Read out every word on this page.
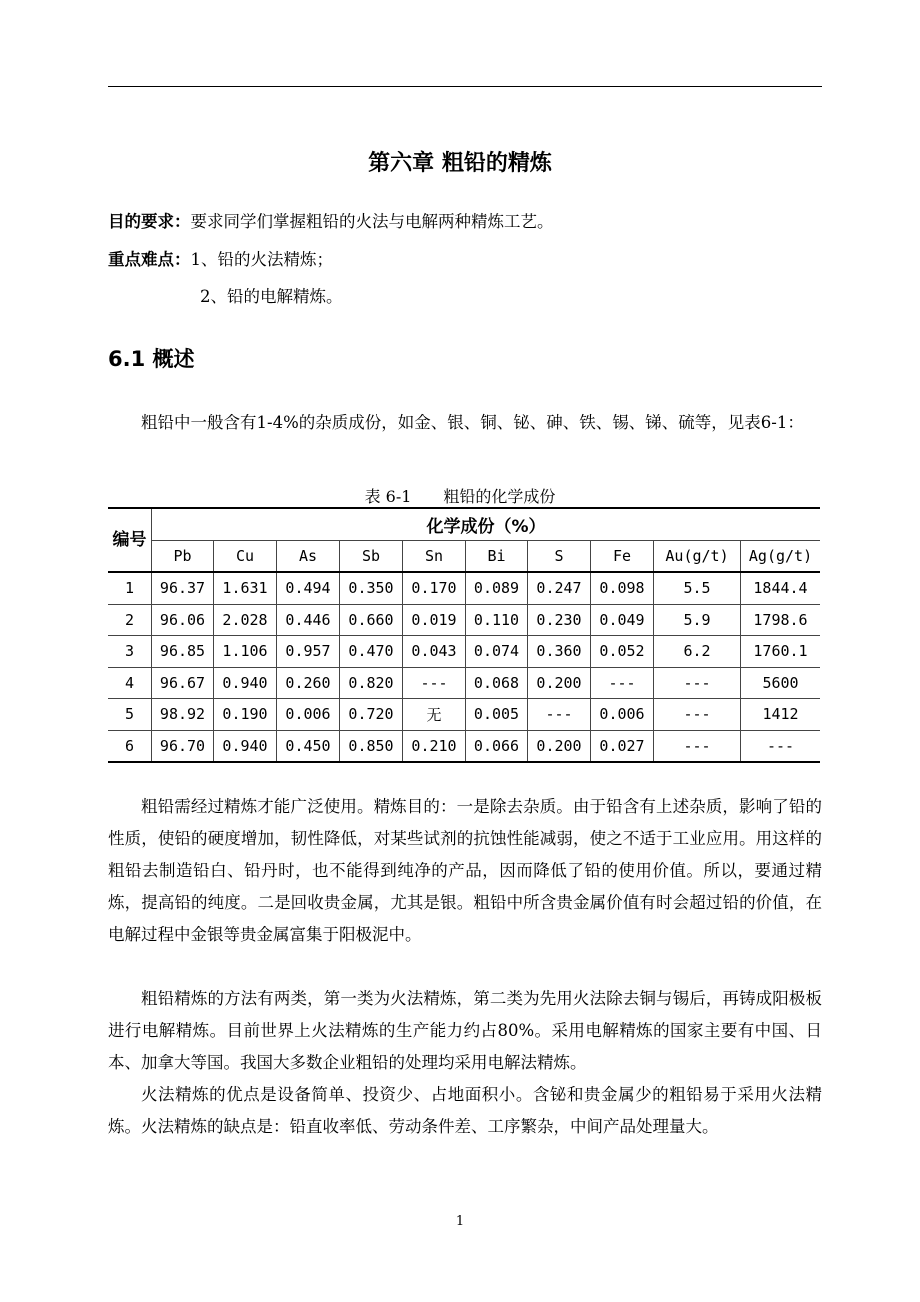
第六章 粗铅的精炼
目的要求：要求同学们掌握粗铅的火法与电解两种精炼工艺。
重点难点：1、铅的火法精炼；
2、铅的电解精炼。
6.1 概述
粗铅中一般含有1-4%的杂质成份，如金、银、铜、铋、砷、铁、锡、锑、硫等，见表6-1：
表 6-1　　粗铅的化学成份
编号	化学成份（%）									
	Pb	Cu	As	Sb	Sn	Bi	S	Fe	Au(g/t)	Ag(g/t)
1	96.37	1.631	0.494	0.350	0.170	0.089	0.247	0.098	5.5	1844.4
2	96.06	2.028	0.446	0.660	0.019	0.110	0.230	0.049	5.9	1798.6
3	96.85	1.106	0.957	0.470	0.043	0.074	0.360	0.052	6.2	1760.1
4	96.67	0.940	0.260	0.820	---	0.068	0.200	---	---	5600
5	98.92	0.190	0.006	0.720	无	0.005	---	0.006	---	1412
6	96.70	0.940	0.450	0.850	0.210	0.066	0.200	0.027	---	---
粗铅需经过精炼才能广泛使用。精炼目的：一是除去杂质。由于铅含有上述杂质，影响了铅的性质，使铅的硬度增加，韧性降低，对某些试剂的抗蚀性能减弱，使之不适于工业应用。用这样的粗铅去制造铅白、铅丹时，也不能得到纯净的产品，因而降低了铅的使用价值。所以，要通过精炼，提高铅的纯度。二是回收贵金属，尤其是银。粗铅中所含贵金属价值有时会超过铅的价值，在电解过程中金银等贵金属富集于阳极泥中。
粗铅精炼的方法有两类，第一类为火法精炼，第二类为先用火法除去铜与锡后，再铸成阳极板进行电解精炼。目前世界上火法精炼的生产能力约占80%。采用电解精炼的国家主要有中国、日本、加拿大等国。我国大多数企业粗铅的处理均采用电解法精炼。
火法精炼的优点是设备简单、投资少、占地面积小。含铋和贵金属少的粗铅易于采用火法精炼。火法精炼的缺点是：铅直收率低、劳动条件差、工序繁杂，中间产品处理量大。
1
